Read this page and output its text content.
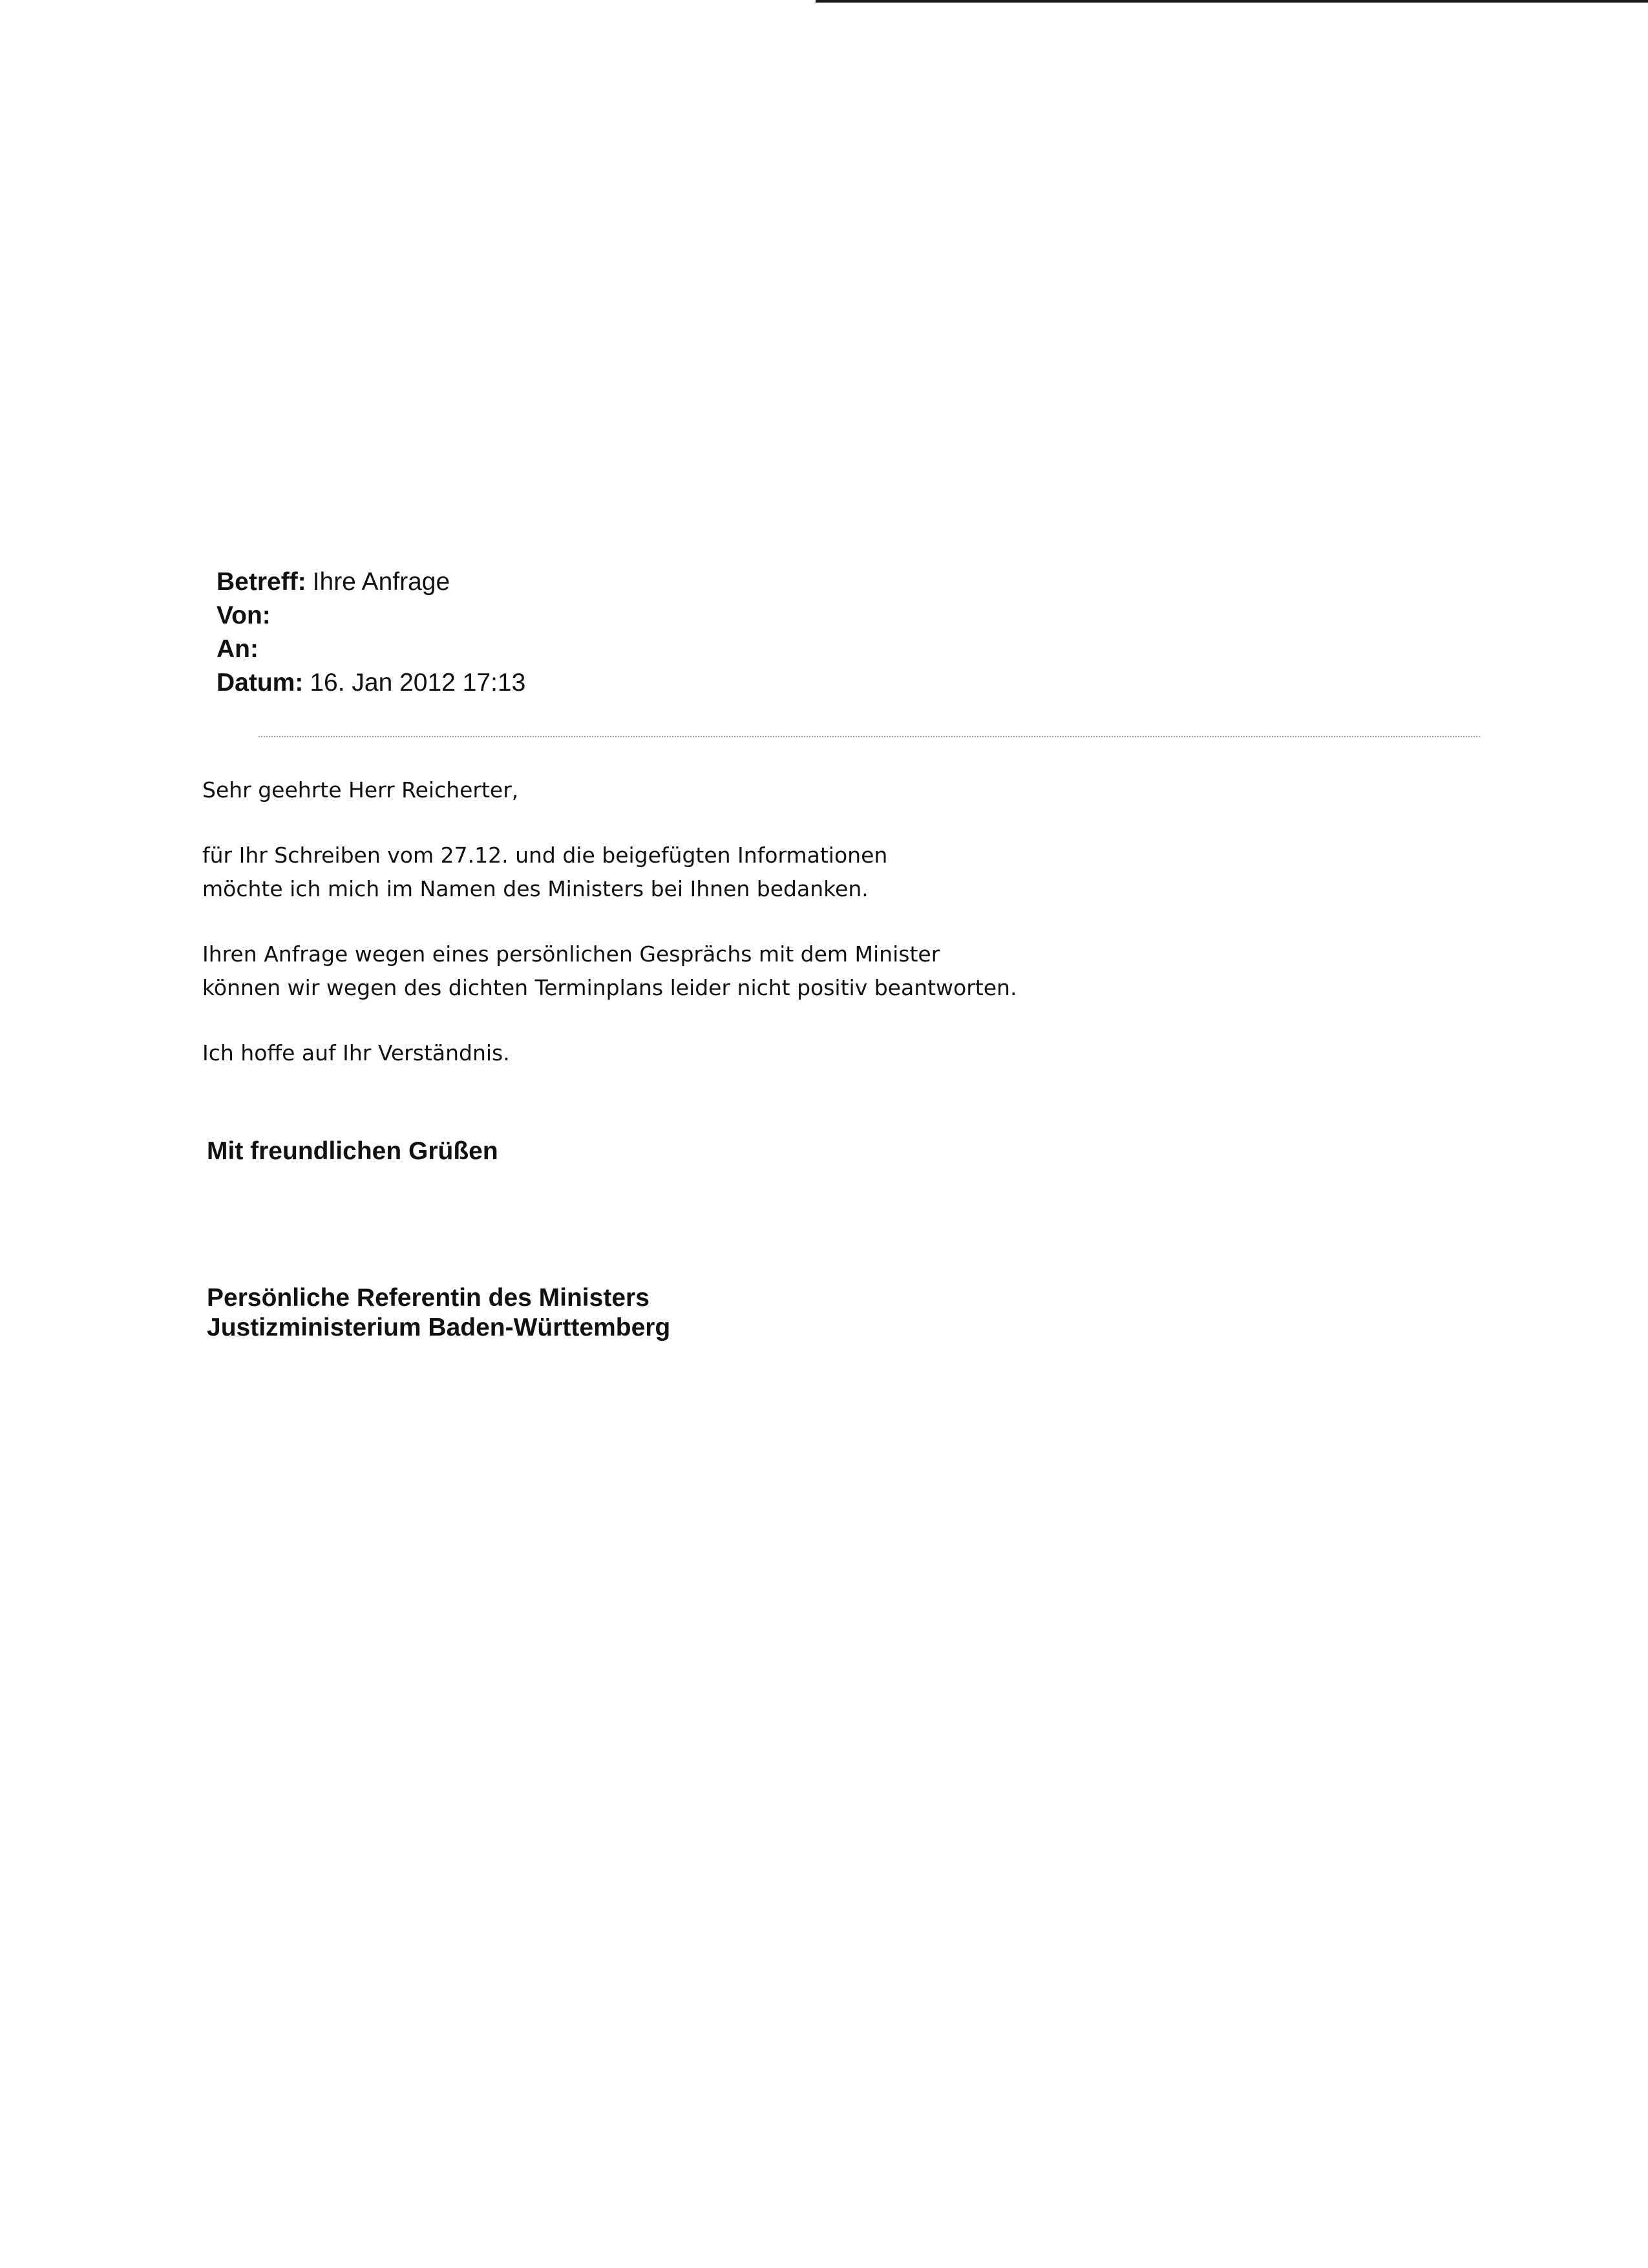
Betreff: Ihre Anfrage
Von:
An:
Datum: 16. Jan 2012 17:13
Sehr geehrte Herr Reicherter,
für Ihr Schreiben vom 27.12. und die beigefügten Informationen
möchte ich mich im Namen des Ministers bei Ihnen bedanken.
Ihren Anfrage wegen eines persönlichen Gesprächs mit dem Minister
können wir wegen des dichten Terminplans leider nicht positiv beantworten.
Ich hoffe auf Ihr Verständnis.
Mit freundlichen Grüßen
Persönliche Referentin des Ministers
Justizministerium Baden-Württemberg
